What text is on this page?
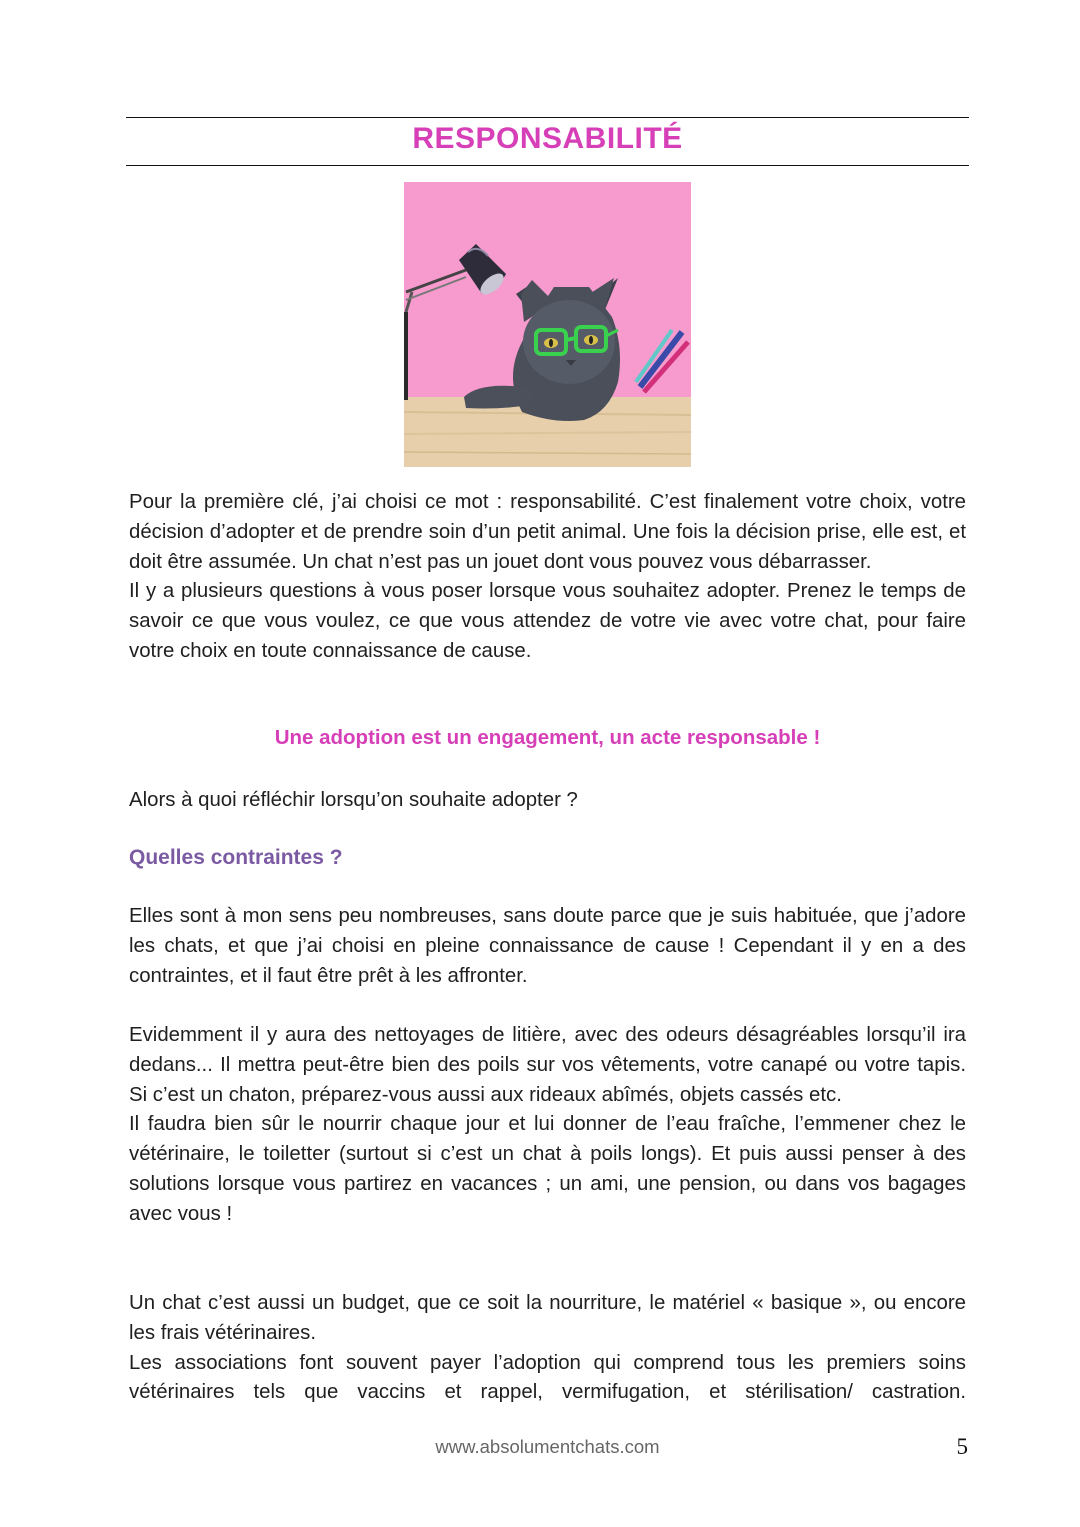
RESPONSABILITÉ

Pour la première clé, j’ai choisi ce mot : responsabilité. C’est finalement votre choix, votre décision d’adopter et de prendre soin d’un petit animal. Une fois la décision prise, elle est, et doit être assumée. Un chat n’est pas un jouet dont vous pouvez vous débarrasser.

Il y a plusieurs questions à vous poser lorsque vous souhaitez adopter. Prenez le temps de savoir ce que vous voulez, ce que vous attendez de votre vie avec votre chat, pour faire votre choix en toute connaissance de cause.

Une adoption est un engagement, un acte responsable !

Alors à quoi réfléchir lorsqu’on souhaite adopter ?

Quelles contraintes ?

Elles sont à mon sens peu nombreuses, sans doute parce que je suis habituée, que j’adore les chats, et que j’ai choisi en pleine connaissance de cause ! Cependant il y en a des contraintes, et il faut être prêt à les affronter.

Evidemment il y aura des nettoyages de litière, avec des odeurs désagréables lorsqu’il ira dedans... Il mettra peut-être bien des poils sur vos vêtements, votre canapé ou votre tapis. Si c’est un chaton, préparez-vous aussi aux rideaux abîmés, objets cassés etc.

Il faudra bien sûr le nourrir chaque jour et lui donner de l’eau fraîche, l’emmener chez le vétérinaire, le toiletter (surtout si c’est un chat à poils longs). Et puis aussi penser à des solutions lorsque vous partirez en vacances ; un ami, une pension, ou dans vos bagages avec vous !

Un chat c’est aussi un budget, que ce soit la nourriture, le matériel « basique », ou encore les frais vétérinaires.

Les associations font souvent payer l’adoption qui comprend tous les premiers soins vétérinaires tels que vaccins et rappel, vermifugation, et stérilisation/ castration.

www.absolumentchats.com	5
